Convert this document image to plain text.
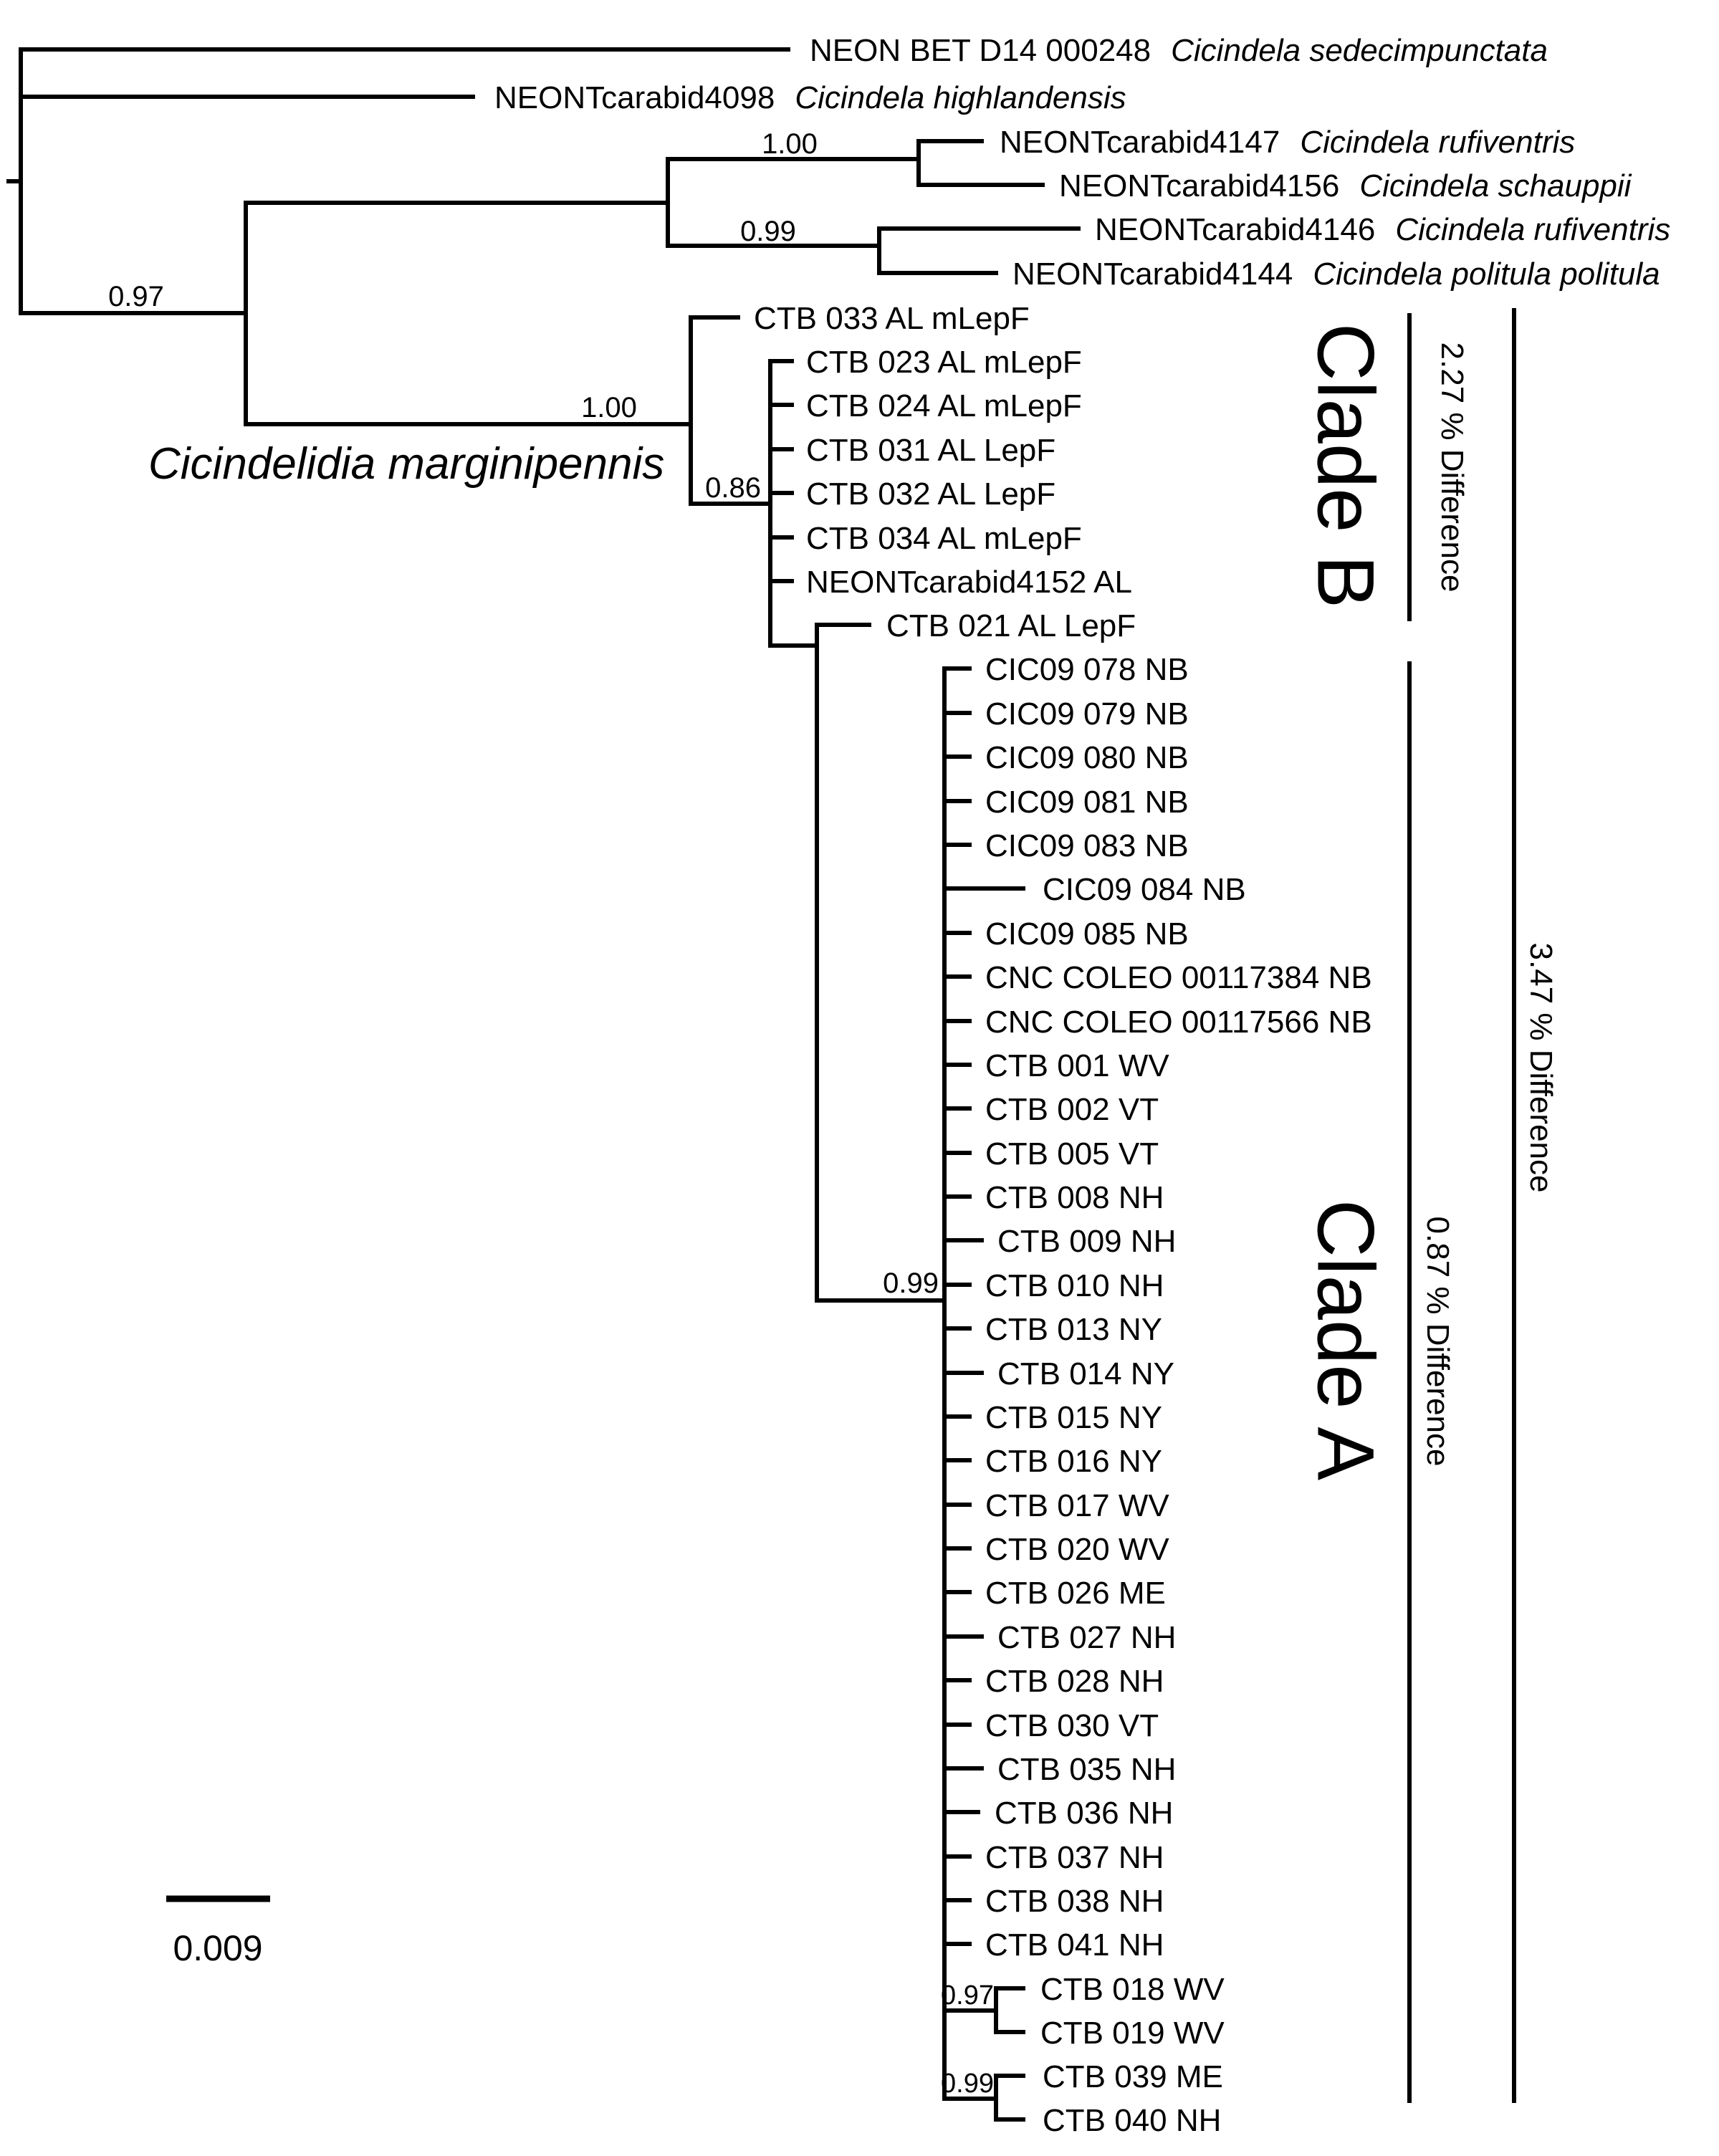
NEON BET D14 000248 Cicindela sedecimpunctata
NEONTcarabid4098 Cicindela highlandensis
NEONTcarabid4147 Cicindela rufiventris
NEONTcarabid4156 Cicindela schauppii
NEONTcarabid4146 Cicindela rufiventris
NEONTcarabid4144 Cicindela politula politula
CTB 033 AL mLepF
CTB 023 AL mLepF
CTB 024 AL mLepF
CTB 031 AL LepF
CTB 032 AL LepF
CTB 034 AL mLepF
NEONTcarabid4152 AL
CTB 021 AL LepF
CIC09 078 NB
CIC09 079 NB
CIC09 080 NB
CIC09 081 NB
CIC09 083 NB
CIC09 084 NB
CIC09 085 NB
CNC COLEO 00117384 NB
CNC COLEO 00117566 NB
CTB 001 WV
CTB 002 VT
CTB 005 VT
CTB 008 NH
CTB 009 NH
CTB 010 NH
CTB 013 NY
CTB 014 NY
CTB 015 NY
CTB 016 NY
CTB 017 WV
CTB 020 WV
CTB 026 ME
CTB 027 NH
CTB 028 NH
CTB 030 VT
CTB 035 NH
CTB 036 NH
CTB 037 NH
CTB 038 NH
CTB 041 NH
CTB 018 WV
CTB 019 WV
CTB 039 ME
CTB 040 NH
1.00
0.99
0.97
1.00
0.86
0.99
0.97
0.99
Cicindelidia marginipennis	Clade B
Clade A
2.27 % Difference
0.87 % Difference
3.47 % Difference
0.009
